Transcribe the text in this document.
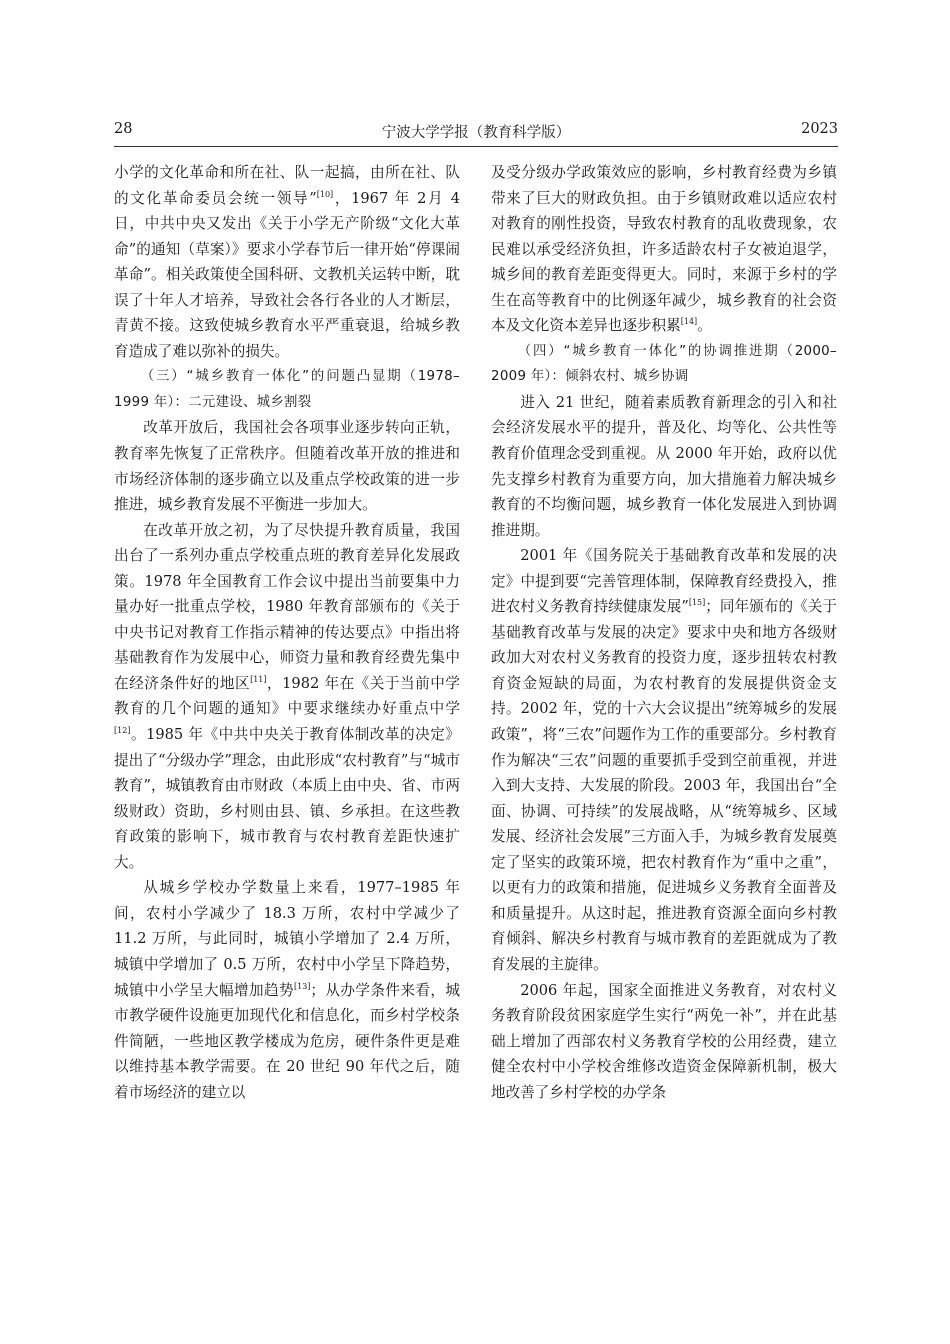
28	宁波大学学报（教育科学版）	2023

小学的文化革命和所在社、队一起搞，由所在社、队的文化革命委员会统一领导”[10]，1967 年 2月 4 日，中共中央又发出《关于小学无产阶级“文化大革命”的通知（草案）》要求小学春节后一律开始“停课闹革命”。相关政策使全国科研、文教机关运转中断，耽误了十年人才培养，导致社会各行各业的人才断层，青黄不接。这致使城乡教育水平严重衰退，给城乡教育造成了难以弥补的损失。

（三）“城乡教育一体化”的问题凸显期（1978– 1999 年）：二元建设、城乡割裂

改革开放后，我国社会各项事业逐步转向正轨，教育率先恢复了正常秩序。但随着改革开放的推进和市场经济体制的逐步确立以及重点学校政策的进一步推进，城乡教育发展不平衡进一步加大。

在改革开放之初，为了尽快提升教育质量，我国出台了一系列办重点学校重点班的教育差异化发展政策。1978 年全国教育工作会议中提出当前要集中力量办好一批重点学校，1980 年教育部颁布的《关于中央书记对教育工作指示精神的传达要点》中指出将基础教育作为发展中心，师资力量和教育经费先集中在经济条件好的地区[11]，1982 年在《关于当前中学教育的几个问题的通知》中要求继续办好重点中学[12]。1985 年《中共中央关于教育体制改革的决定》提出了“分级办学”理念，由此形成“农村教育”与“城市教育”，城镇教育由市财政（本质上由中央、省、市两级财政）资助，乡村则由县、镇、乡承担。在这些教育政策的影响下，城市教育与农村教育差距快速扩大。

从城乡学校办学数量上来看，1977–1985 年间，农村小学减少了 18.3 万所，农村中学减少了 11.2 万所，与此同时，城镇小学增加了 2.4 万所，城镇中学增加了 0.5 万所，农村中小学呈下降趋势，城镇中小学呈大幅增加趋势[13]；从办学条件来看，城市教学硬件设施更加现代化和信息化，而乡村学校条件简陋，一些地区教学楼成为危房，硬件条件更是难以维持基本教学需要。在 20 世纪 90 年代之后，随着市场经济的建立以

及受分级办学政策效应的影响，乡村教育经费为乡镇带来了巨大的财政负担。由于乡镇财政难以适应农村对教育的刚性投资，导致农村教育的乱收费现象，农民难以承受经济负担，许多适龄农村子女被迫退学，城乡间的教育差距变得更大。同时，来源于乡村的学生在高等教育中的比例逐年减少，城乡教育的社会资本及文化资本差异也逐步积累[14]。

（四）“城乡教育一体化”的协调推进期（2000–2009 年）：倾斜农村、城乡协调

进入 21 世纪，随着素质教育新理念的引入和社会经济发展水平的提升，普及化、均等化、公共性等教育价值理念受到重视。从 2000 年开始，政府以优先支撑乡村教育为重要方向，加大措施着力解决城乡教育的不均衡问题，城乡教育一体化发展进入到协调推进期。

2001 年《国务院关于基础教育改革和发展的决定》中提到要“完善管理体制，保障教育经费投入，推进农村义务教育持续健康发展”[15]；同年颁布的《关于基础教育改革与发展的决定》要求中央和地方各级财政加大对农村义务教育的投资力度，逐步扭转农村教育资金短缺的局面，为农村教育的发展提供资金支持。2002 年，党的十六大会议提出“统筹城乡的发展政策”，将“三农”问题作为工作的重要部分。乡村教育作为解决“三农”问题的重要抓手受到空前重视，并进入到大支持、大发展的阶段。2003 年，我国出台“全面、协调、可持续”的发展战略，从“统筹城乡、区域发展、经济社会发展”三方面入手，为城乡教育发展奠定了坚实的政策环境，把农村教育作为“重中之重”，以更有力的政策和措施，促进城乡义务教育全面普及和质量提升。从这时起，推进教育资源全面向乡村教育倾斜、解决乡村教育与城市教育的差距就成为了教育发展的主旋律。

2006 年起，国家全面推进义务教育，对农村义务教育阶段贫困家庭学生实行“两免一补”，并在此基础上增加了西部农村义务教育学校的公用经费，建立健全农村中小学校舍维修改造资金保障新机制，极大地改善了乡村学校的办学条
